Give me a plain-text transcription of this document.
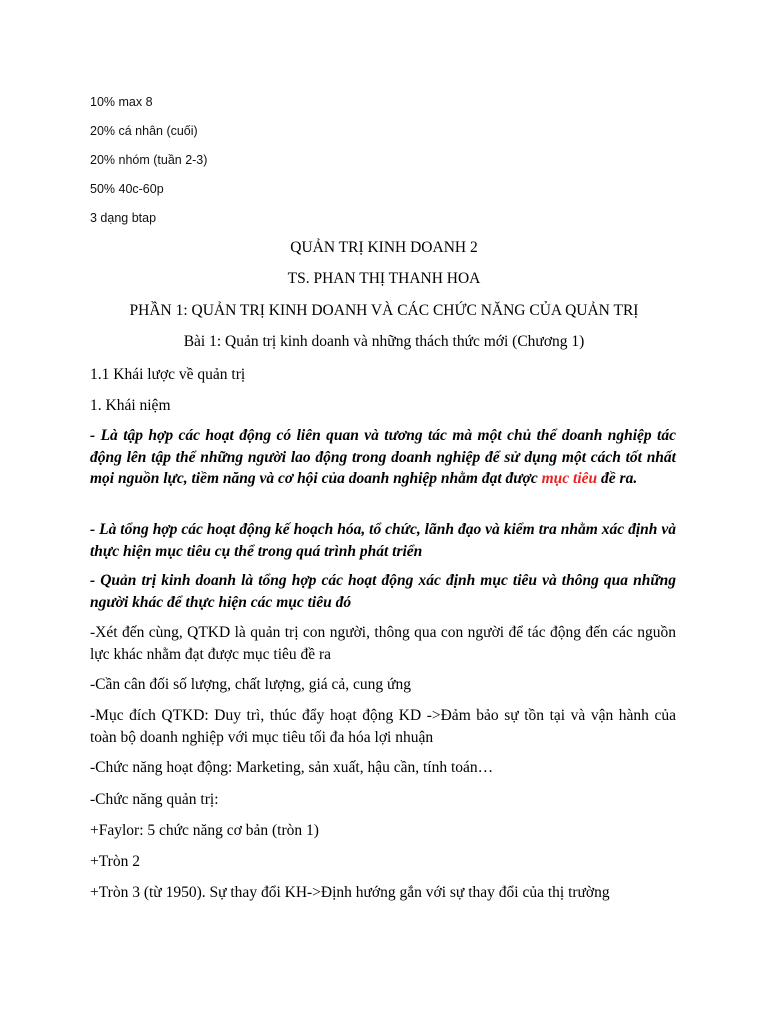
10% max 8
20% cá nhân (cuối)
20% nhóm (tuần 2-3)
50% 40c-60p
3 dạng btap
QUẢN TRỊ KINH DOANH 2
TS. PHAN THỊ THANH HOA
PHẦN 1: QUẢN TRỊ KINH DOANH VÀ CÁC CHỨC NĂNG CỦA QUẢN TRỊ
Bài 1: Quản trị kinh doanh và những thách thức mới (Chương 1)
1.1 Khái lược về quản trị
1. Khái niệm
- Là tập hợp các hoạt động có liên quan và tương tác mà một chủ thể doanh nghiệp tác động lên tập thể những người lao động trong doanh nghiệp để sử dụng một cách tốt nhất mọi nguồn lực, tiềm năng và cơ hội của doanh nghiệp nhằm đạt được mục tiêu đề ra.
- Là tổng hợp các hoạt động kế hoạch hóa, tổ chức, lãnh đạo và kiểm tra nhằm xác định và thực hiện mục tiêu cụ thể trong quá trình phát triển
- Quản trị kinh doanh là tổng hợp các hoạt động xác định mục tiêu và thông qua những người khác để thực hiện các mục tiêu đó
-Xét đến cùng, QTKD là quản trị con người, thông qua con người để tác động đến các nguồn lực khác nhằm đạt được mục tiêu đề ra
-Cần cân đối số lượng, chất lượng, giá cả, cung ứng
-Mục đích QTKD: Duy trì, thúc đẩy hoạt động KD ->Đảm bảo sự tồn tại và vận hành của toàn bộ doanh nghiệp với mục tiêu tối đa hóa lợi nhuận
-Chức năng hoạt động: Marketing, sản xuất, hậu cần, tính toán…
-Chức năng quản trị:
+Faylor: 5 chức năng cơ bản (tròn 1)
+Tròn 2
+Tròn 3 (từ 1950). Sự thay đổi KH->Định hướng gắn với sự thay đổi của thị trường
